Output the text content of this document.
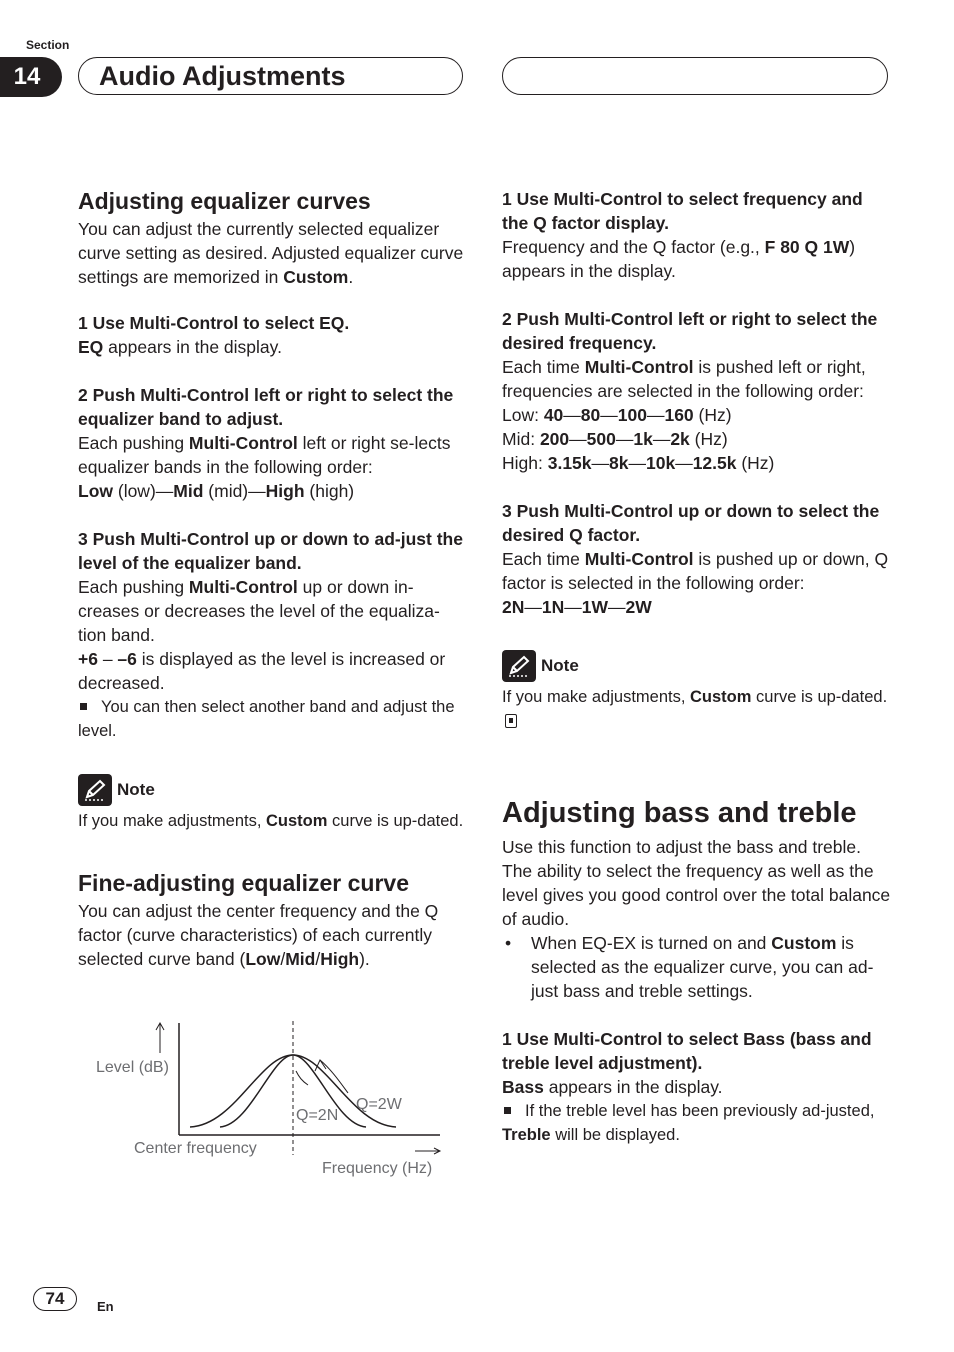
Section
14	Audio Adjustments
Adjusting equalizer curves

You can adjust the currently selected equalizer curve setting as desired. Adjusted equalizer curve settings are memorized in Custom.

1 Use Multi-Control to select EQ.

EQ appears in the display.

2 Push Multi-Control left or right to select the equalizer band to adjust.

Each pushing Multi-Control left or right se-lects equalizer bands in the following order:
Low (low)—Mid (mid)—High (high)

3 Push Multi-Control up or down to ad-just the level of the equalizer band.

Each pushing Multi-Control up or down in-creases or decreases the level of the equaliza-tion band.

+6 – –6 is displayed as the level is increased or decreased.

You can then select another band and adjust the level.

Note

If you make adjustments, Custom curve is up-dated.

Fine-adjusting equalizer curve

You can adjust the center frequency and the Q factor (curve characteristics) of each currently selected curve band (Low/Mid/High).

Level (dB)
Q=2N
Q=2W
Center frequency
Frequency (Hz)

1 Use Multi-Control to select frequency and the Q factor display.

Frequency and the Q factor (e.g., F 80 Q 1W) appears in the display.

2 Push Multi-Control left or right to select the desired frequency.

Each time Multi-Control is pushed left or right, frequencies are selected in the following order:

Low: 40—80—100—160 (Hz)

Mid: 200—500—1k—2k (Hz)

High: 3.15k—8k—10k—12.5k (Hz)

3 Push Multi-Control up or down to select the desired Q factor.

Each time Multi-Control is pushed up or down, Q factor is selected in the following order:

2N—1N—1W—2W

Note

If you make adjustments, Custom curve is up-dated.

Adjusting bass and treble

Use this function to adjust the bass and treble. The ability to select the frequency as well as the level gives you good control over the total balance of audio.

•	When EQ-EX is turned on and Custom is selected as the equalizer curve, you can ad-just bass and treble settings.

1 Use Multi-Control to select Bass (bass and treble level adjustment).

Bass appears in the display.

If the treble level has been previously ad-justed, Treble will be displayed.

74	En
